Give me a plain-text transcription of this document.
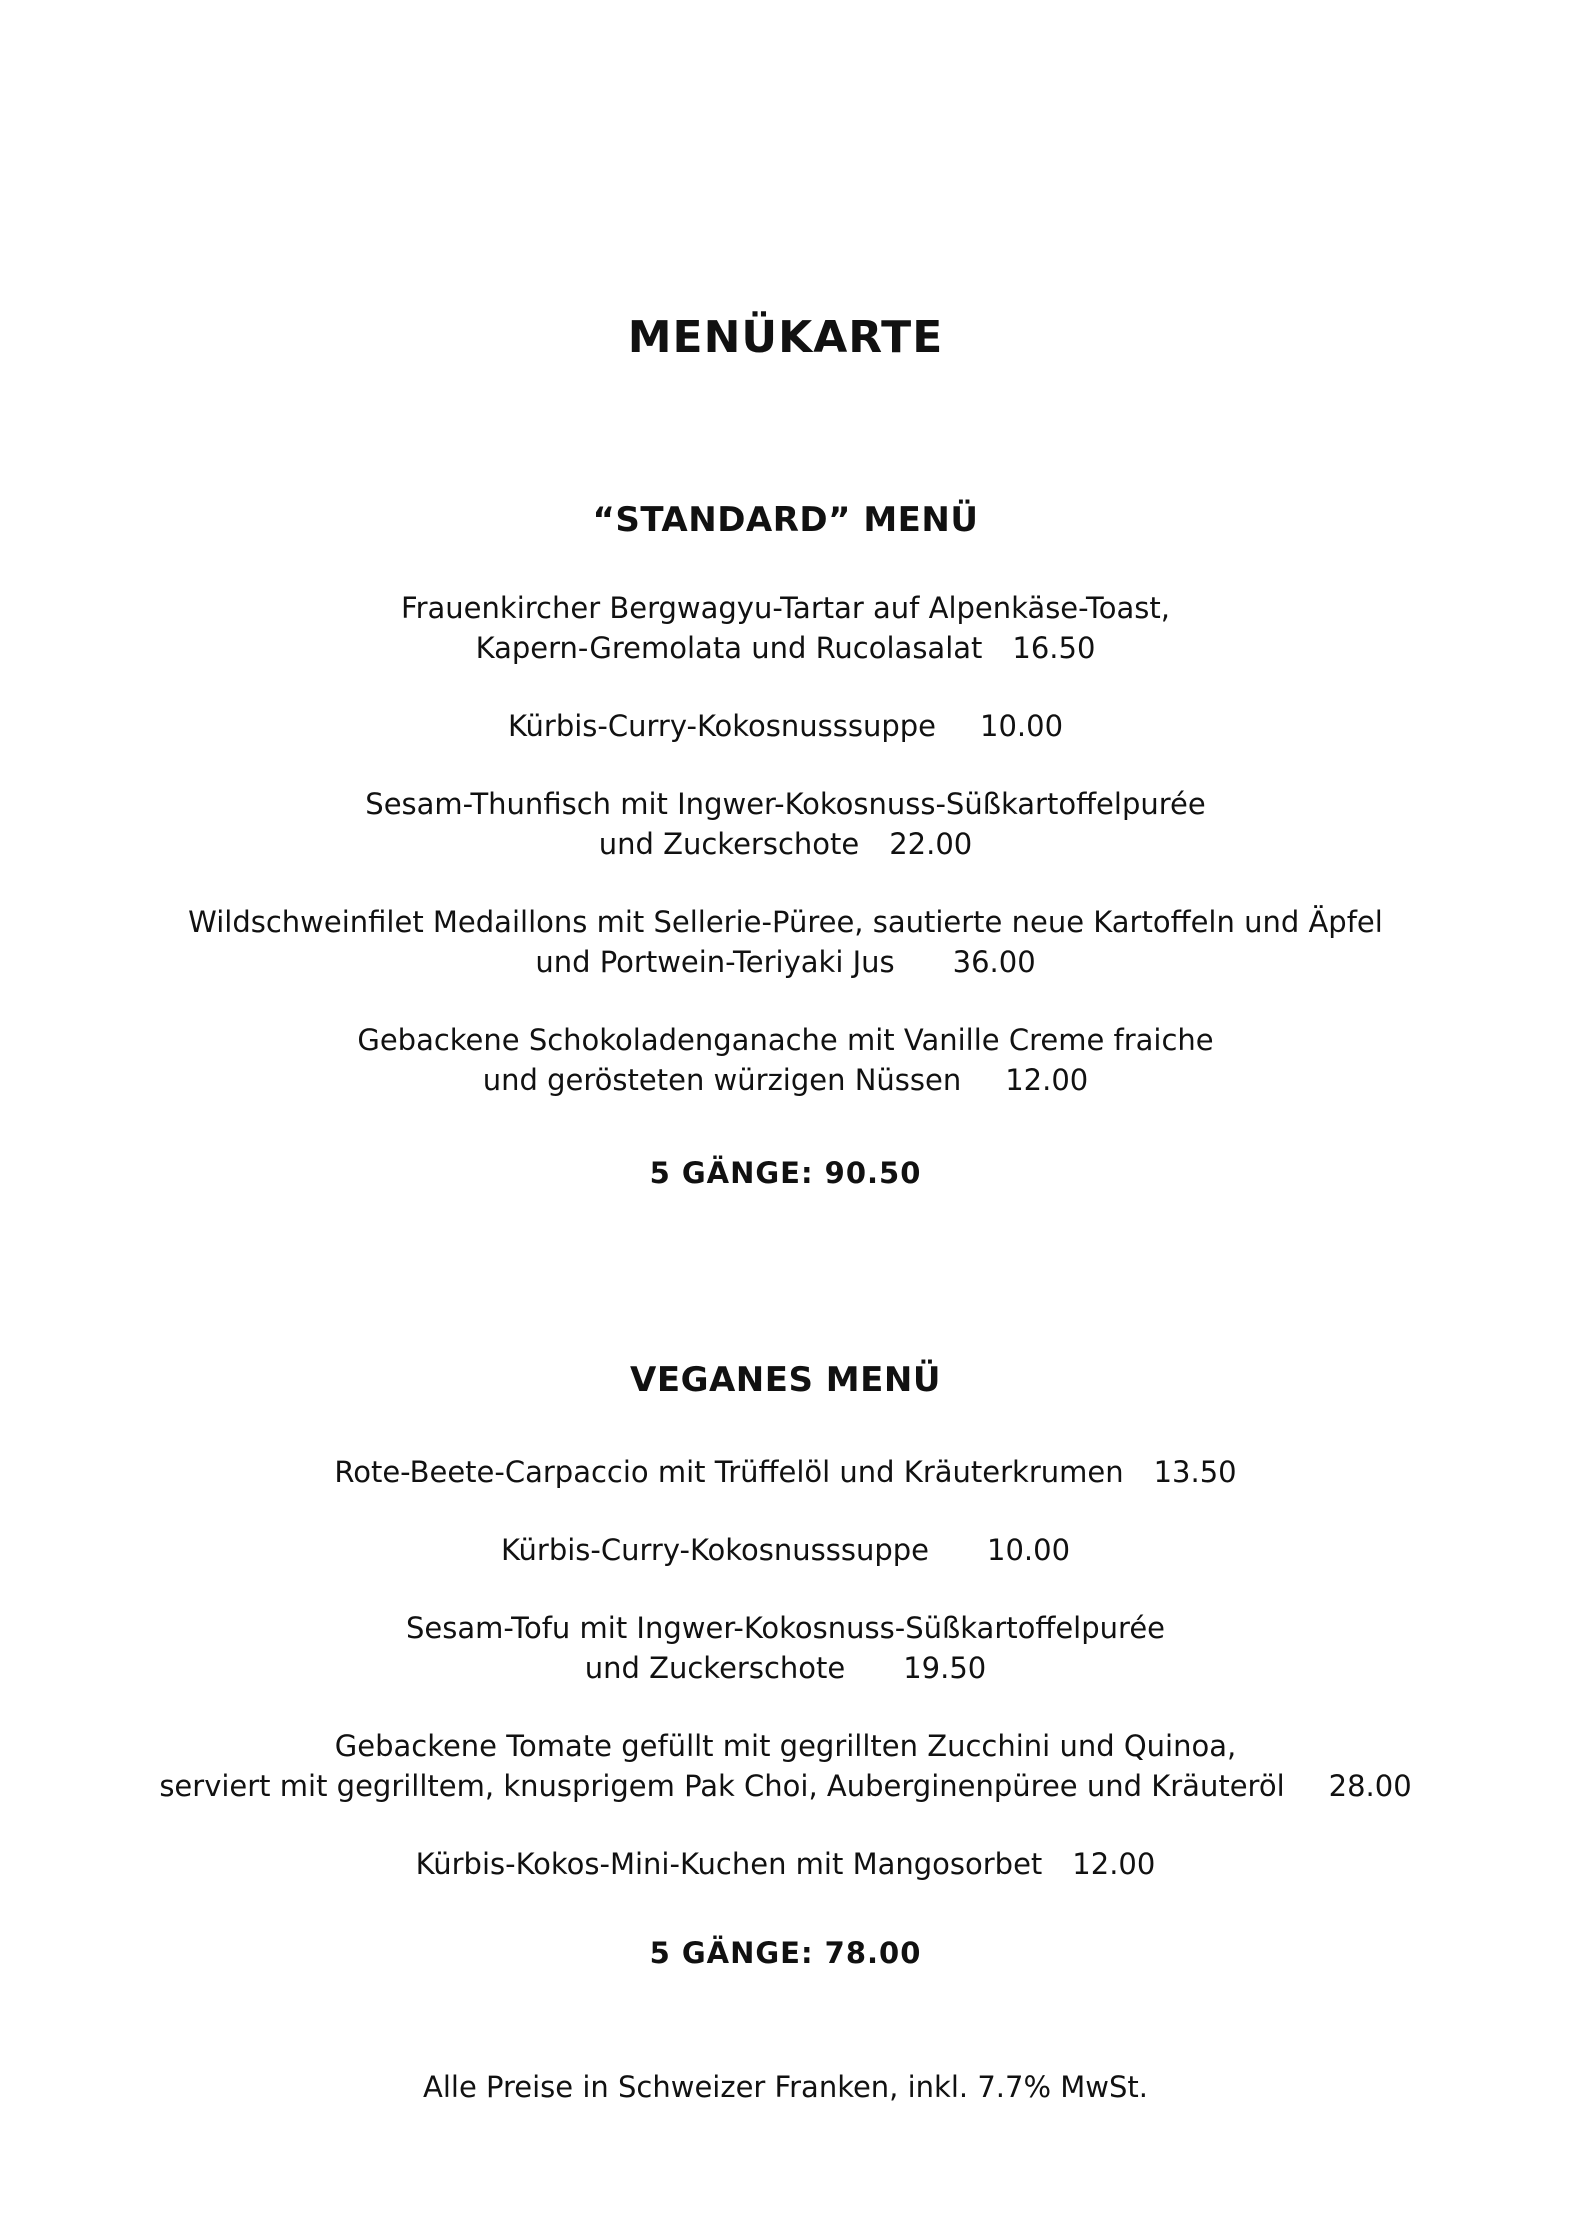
MENÜKARTE
“STANDARD” MENÜ
Frauenkircher Bergwagyu-Tartar auf Alpenkäse-Toast,
Kapern-Gremolata und Rucolasalat 16.50
Kürbis-Curry-Kokosnusssuppe 10.00
Sesam-Thunfisch mit Ingwer-Kokosnuss-Süßkartoffelpurée
und Zuckerschote 22.00
Wildschweinfilet Medaillons mit Sellerie-Püree, sautierte neue Kartoffeln und Äpfel
und Portwein-Teriyaki Jus 36.00
Gebackene Schokoladenganache mit Vanille Creme fraiche
und gerösteten würzigen Nüssen 12.00
5 GÄNGE: 90.50
VEGANES MENÜ
Rote-Beete-Carpaccio mit Trüffelöl und Kräuterkrumen 13.50
Kürbis-Curry-Kokosnusssuppe 10.00
Sesam-Tofu mit Ingwer-Kokosnuss-Süßkartoffelpurée
und Zuckerschote 19.50
Gebackene Tomate gefüllt mit gegrillten Zucchini und Quinoa,
serviert mit gegrilltem, knusprigem Pak Choi, Auberginenpüree und Kräuteröl 28.00
Kürbis-Kokos-Mini-Kuchen mit Mangosorbet 12.00
5 GÄNGE: 78.00
Alle Preise in Schweizer Franken, inkl. 7.7% MwSt.
